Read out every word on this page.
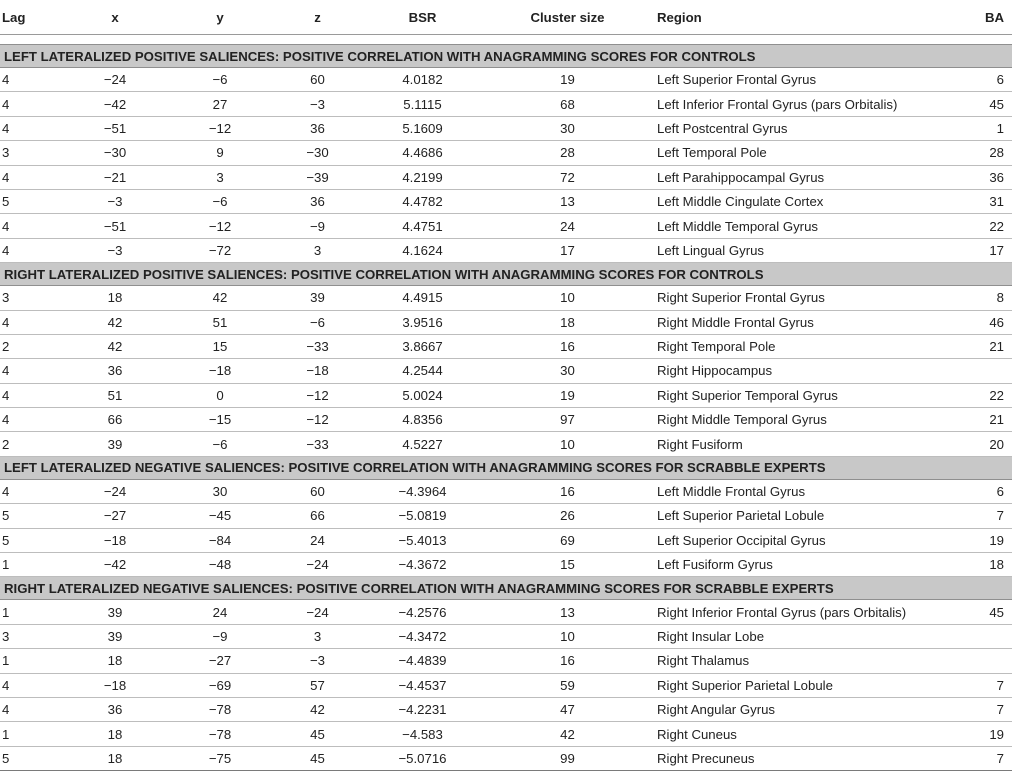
Lag	x	y	z	BSR	Cluster size	Region	BA

LEFT LATERALIZED POSITIVE SALIENCES: POSITIVE CORRELATION WITH ANAGRAMMING SCORES FOR CONTROLS							
4	−24	−6	60	4.0182	19	Left Superior Frontal Gyrus	6
4	−42	27	−3	5.1115	68	Left Inferior Frontal Gyrus (pars Orbitalis)	45
4	−51	−12	36	5.1609	30	Left Postcentral Gyrus	1
3	−30	9	−30	4.4686	28	Left Temporal Pole	28
4	−21	3	−39	4.2199	72	Left Parahippocampal Gyrus	36
5	−3	−6	36	4.4782	13	Left Middle Cingulate Cortex	31
4	−51	−12	−9	4.4751	24	Left Middle Temporal Gyrus	22
4	−3	−72	3	4.1624	17	Left Lingual Gyrus	17
RIGHT LATERALIZED POSITIVE SALIENCES: POSITIVE CORRELATION WITH ANAGRAMMING SCORES FOR CONTROLS							
3	18	42	39	4.4915	10	Right Superior Frontal Gyrus	8
4	42	51	−6	3.9516	18	Right Middle Frontal Gyrus	46
2	42	15	−33	3.8667	16	Right Temporal Pole	21
4	36	−18	−18	4.2544	30	Right Hippocampus	
4	51	0	−12	5.0024	19	Right Superior Temporal Gyrus	22
4	66	−15	−12	4.8356	97	Right Middle Temporal Gyrus	21
2	39	−6	−33	4.5227	10	Right Fusiform	20
LEFT LATERALIZED NEGATIVE SALIENCES: POSITIVE CORRELATION WITH ANAGRAMMING SCORES FOR SCRABBLE EXPERTS							
4	−24	30	60	−4.3964	16	Left Middle Frontal Gyrus	6
5	−27	−45	66	−5.0819	26	Left Superior Parietal Lobule	7
5	−18	−84	24	−5.4013	69	Left Superior Occipital Gyrus	19
1	−42	−48	−24	−4.3672	15	Left Fusiform Gyrus	18
RIGHT LATERALIZED NEGATIVE SALIENCES: POSITIVE CORRELATION WITH ANAGRAMMING SCORES FOR SCRABBLE EXPERTS							
1	39	24	−24	−4.2576	13	Right Inferior Frontal Gyrus (pars Orbitalis)	45
3	39	−9	3	−4.3472	10	Right Insular Lobe	
1	18	−27	−3	−4.4839	16	Right Thalamus	
4	−18	−69	57	−4.4537	59	Right Superior Parietal Lobule	7
4	36	−78	42	−4.2231	47	Right Angular Gyrus	7
1	18	−78	45	−4.583	42	Right Cuneus	19
5	18	−75	45	−5.0716	99	Right Precuneus	7
